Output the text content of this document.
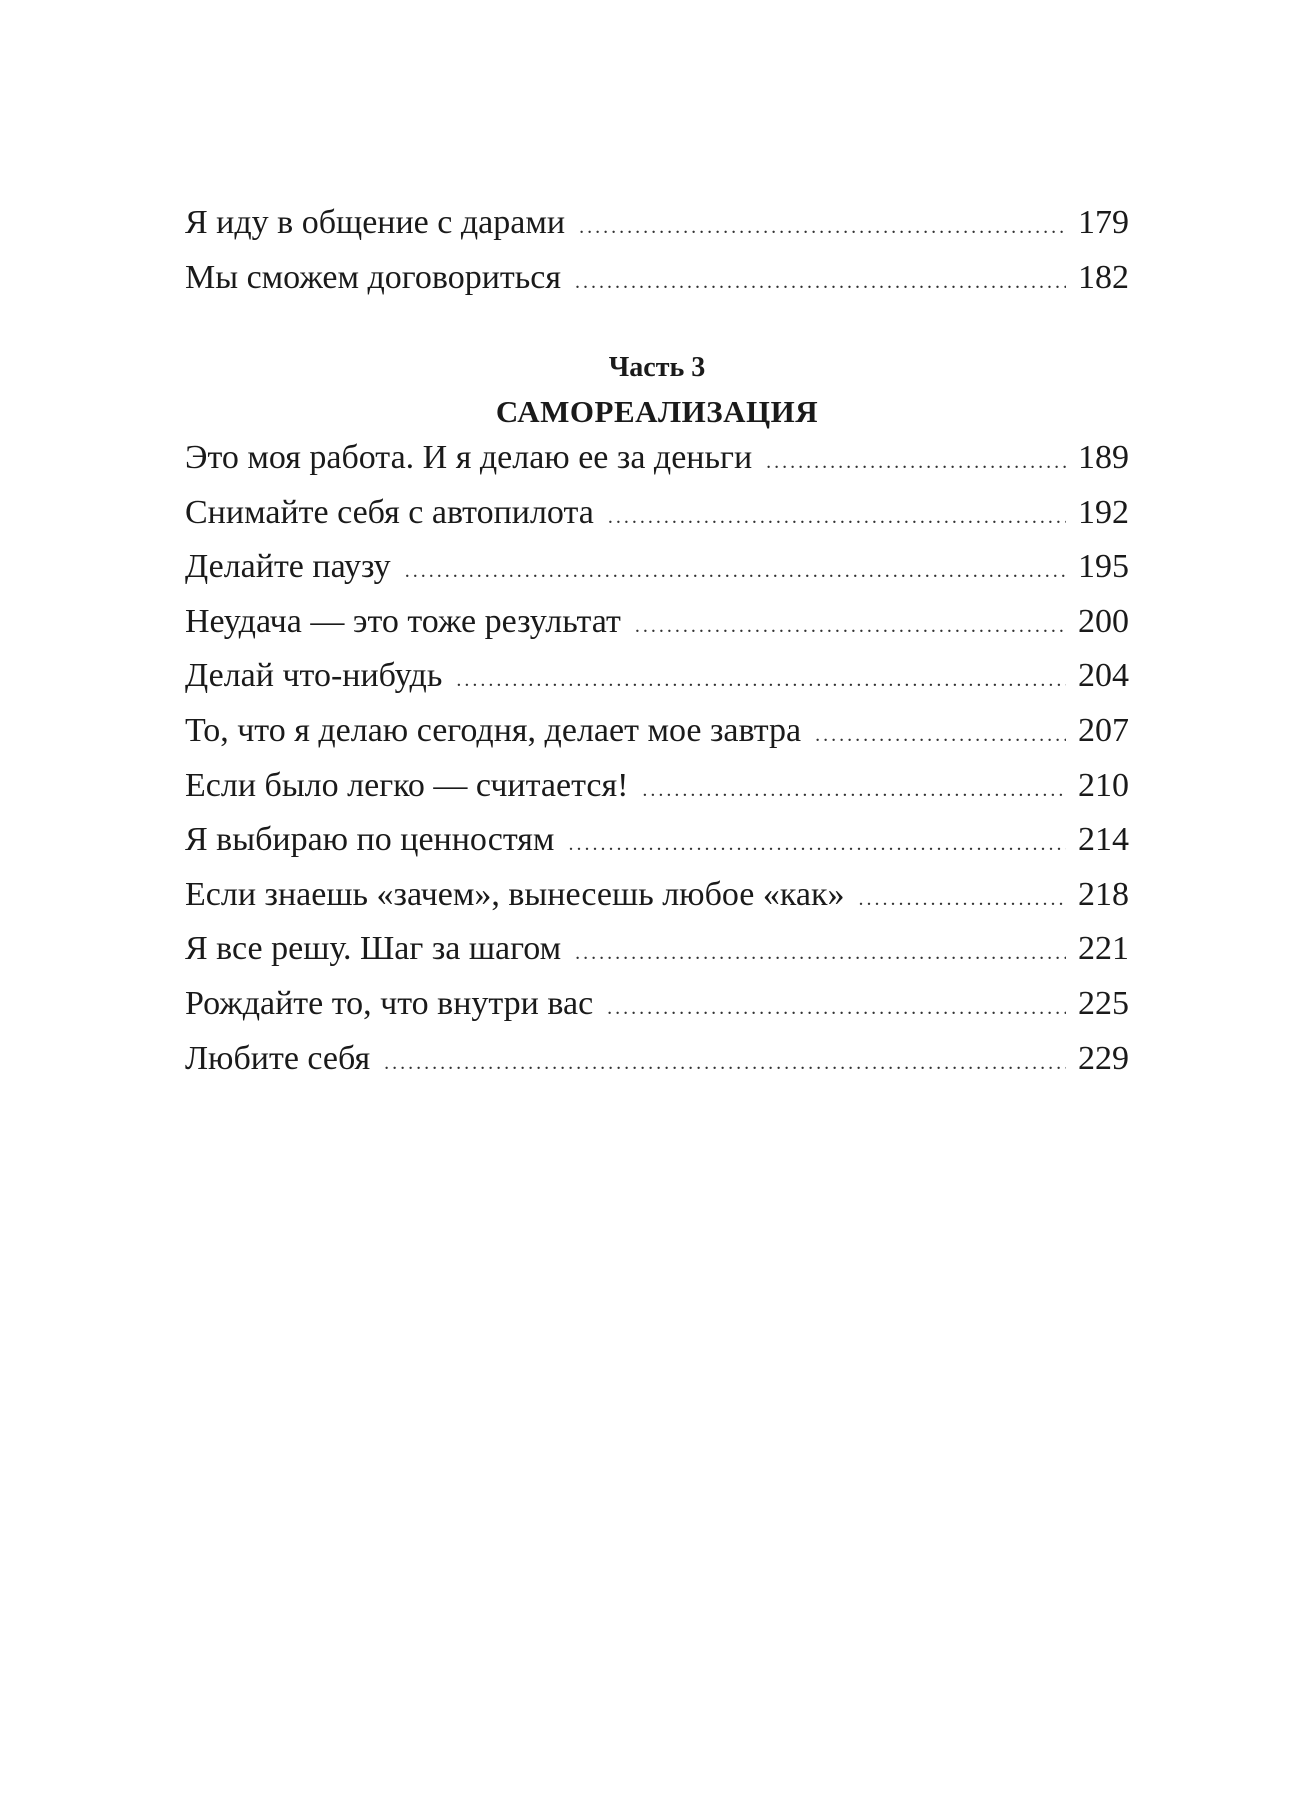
Я иду в общение с дарами .....	179
Мы сможем договориться .....	182
Часть 3
САМОРЕАЛИЗАЦИЯ
Это моя работа. И я делаю ее за деньги .....	189
Снимайте себя с автопилота .....	192
Делайте паузу .....	195
Неудача — это тоже результат .....	200
Делай что-нибудь .....	204
То, что я делаю сегодня, делает мое завтра .....	207
Если было легко — считается! .....	210
Я выбираю по ценностям .....	214
Если знаешь «зачем», вынесешь любое «как» .....	218
Я все решу. Шаг за шагом .....	221
Рождайте то, что внутри вас .....	225
Любите себя .....	229
